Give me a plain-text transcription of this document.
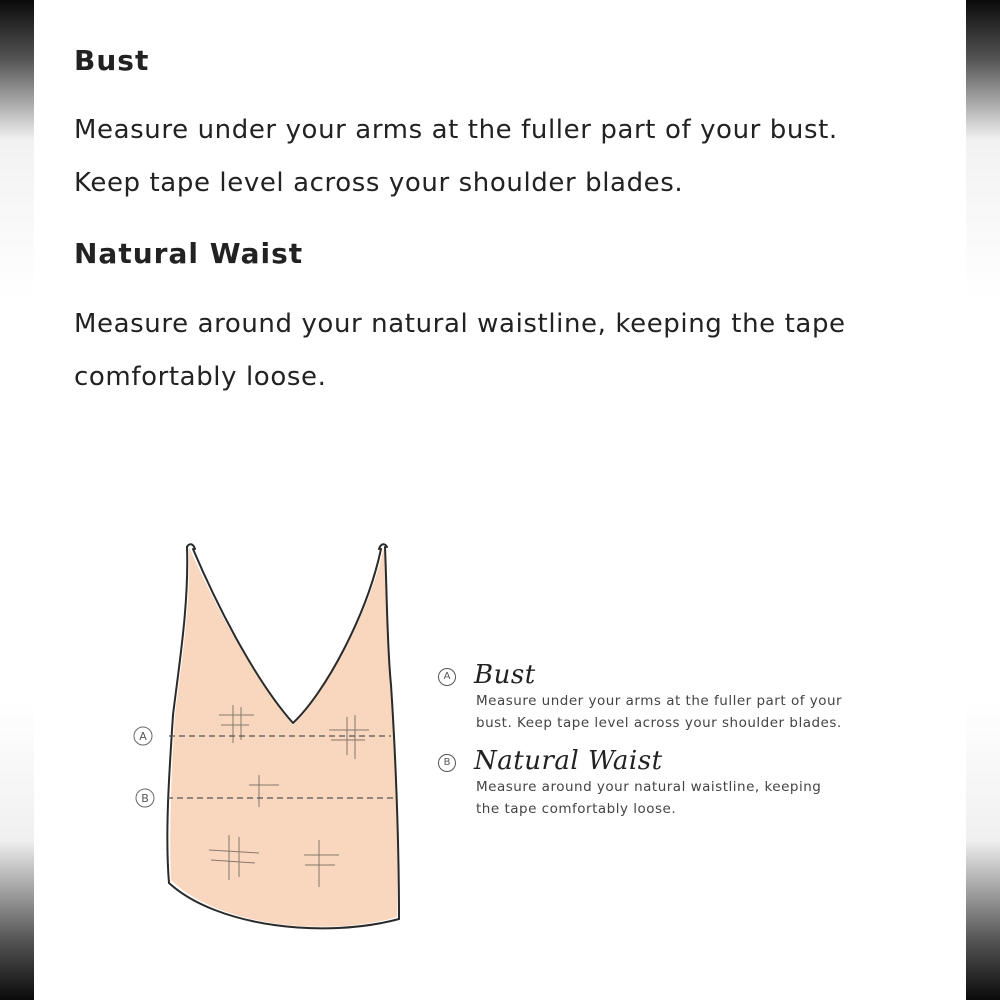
Bust

Measure under your arms at the fuller part of your bust.
Keep tape level across your shoulder blades.

Natural Waist

Measure around your natural waistline, keeping the tape
comfortably loose.

A
B
A Bust
Measure under your arms at the fuller part of your
bust. Keep tape level across your shoulder blades.
B Natural Waist
Measure around your natural waistline, keeping
the tape comfortably loose.
